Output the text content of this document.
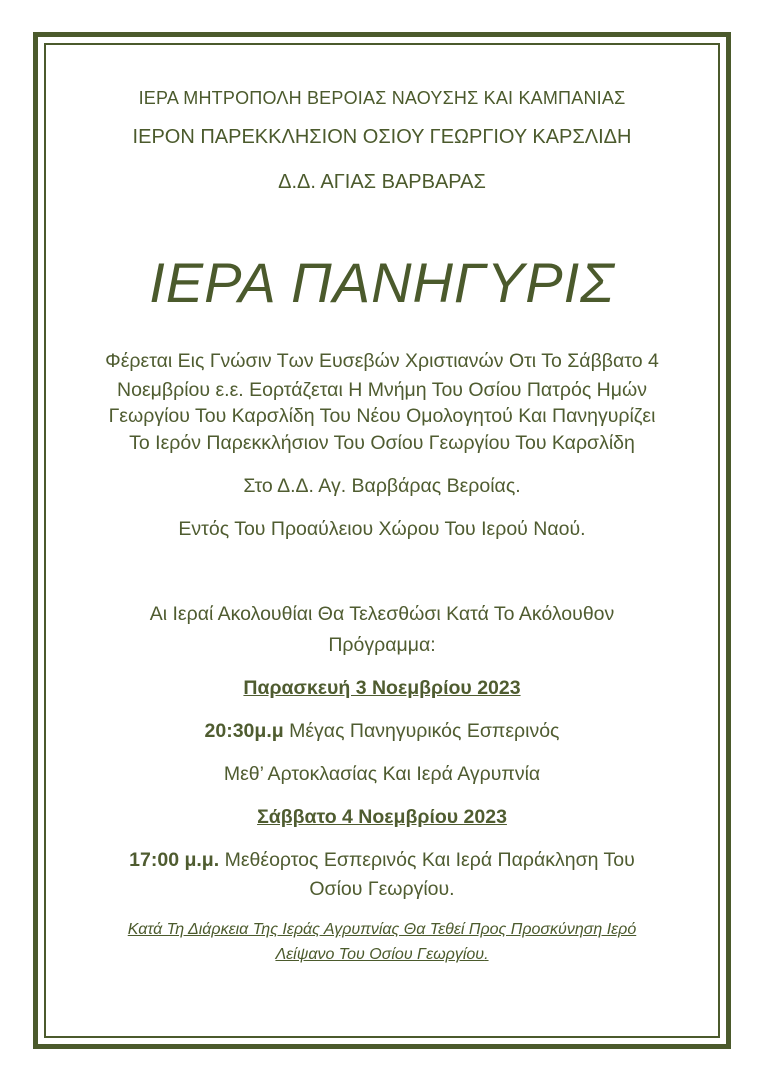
ΙΕΡΑ ΜΗΤΡΟΠΟΛΗ ΒΕΡΟΙΑΣ ΝΑΟΥΣΗΣ ΚΑΙ ΚΑΜΠΑΝΙΑΣ
ΙΕΡΟΝ ΠΑΡΕΚΚΛΗΣΙΟΝ ΟΣΙΟΥ ΓΕΩΡΓΙΟΥ ΚΑΡΣΛΙΔΗ
Δ.Δ. ΑΓΙΑΣ ΒΑΡΒΑΡΑΣ
ΙΕΡΑ ΠΑΝΗΓΥΡΙΣ
Φέρεται Εις Γνώσιν Των Ευσεβών Χριστιανών Οτι Το Σάββατο 4
Νοεμβρίου ε.ε. Εορτάζεται Η Μνήμη Του Οσίου Πατρός Ημών
Γεωργίου Του Καρσλίδη Του Νέου Ομολογητού Και Πανηγυρίζει
Το Ιερόν Παρεκκλήσιον Του Οσίου Γεωργίου Του Καρσλίδη
Στο Δ.Δ. Αγ. Βαρβάρας Βεροίας.
Εντός Του Προαύλειου Χώρου Του Ιερού Ναού.
Αι Ιεραί Ακολουθίαι Θα Τελεσθώσι Κατά Το Ακόλουθον
Πρόγραμμα:
Παρασκευή 3 Νοεμβρίου 2023
20:30μ.μ Μέγας Πανηγυρικός Εσπερινός
Μεθ’ Αρτοκλασίας Και Ιερά Αγρυπνία
Σάββατο 4 Νοεμβρίου 2023
17:00 μ.μ. Μεθέορτος Εσπερινός Και Ιερά Παράκληση Του
Οσίου Γεωργίου.
Κατά Τη Διάρκεια Της Ιεράς Αγρυπνίας Θα Τεθεί Προς Προσκύνηση Ιερό
Λείψανο Του Οσίου Γεωργίου.
